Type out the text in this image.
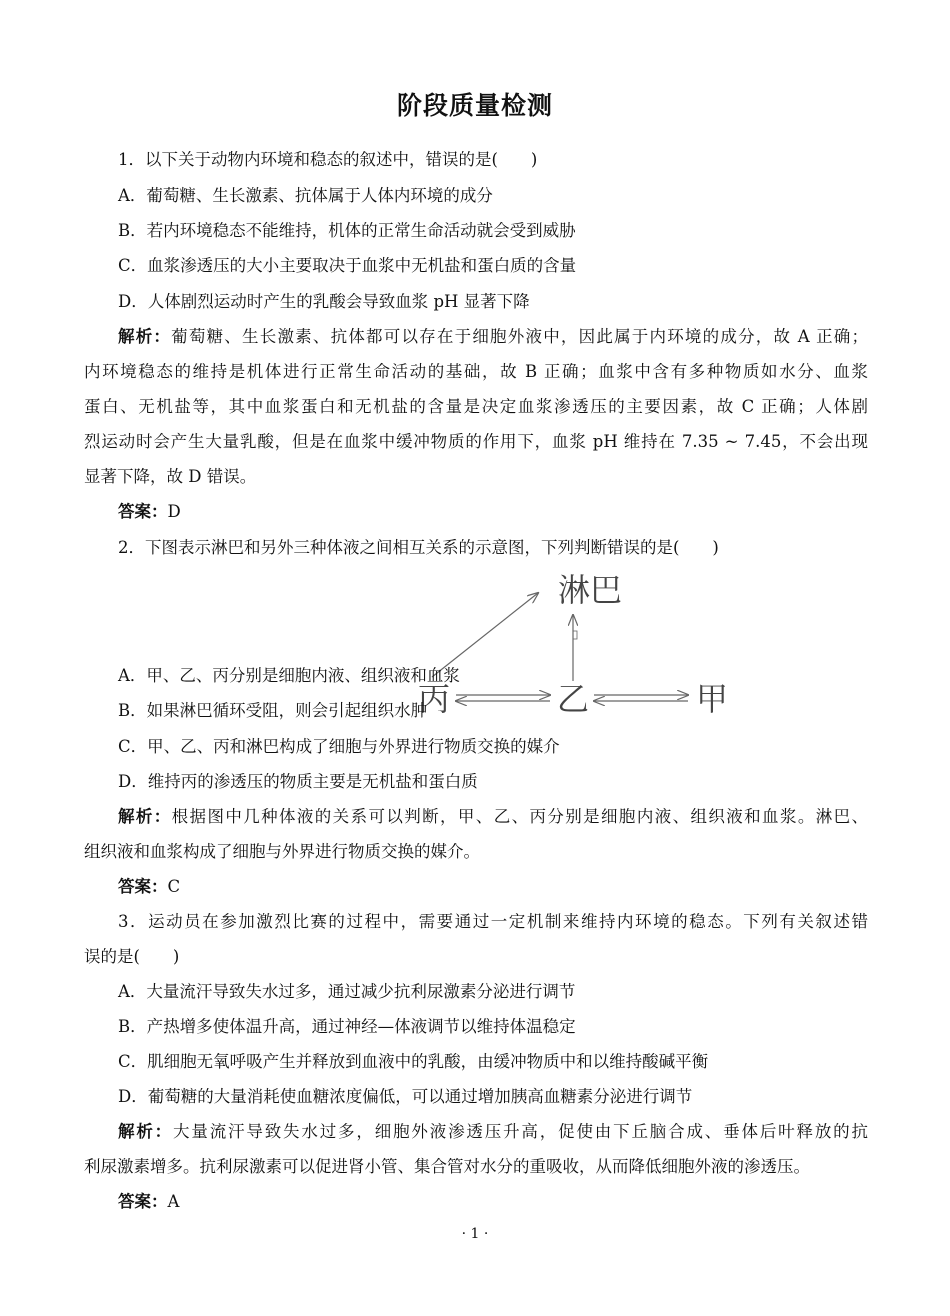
阶段质量检测
1．以下关于动物内环境和稳态的叙述中，错误的是(　　)
A．葡萄糖、生长激素、抗体属于人体内环境的成分
B．若内环境稳态不能维持，机体的正常生命活动就会受到威胁
C．血浆渗透压的大小主要取决于血浆中无机盐和蛋白质的含量
D．人体剧烈运动时产生的乳酸会导致血浆 pH 显著下降
解析：葡萄糖、生长激素、抗体都可以存在于细胞外液中，因此属于内环境的成分，故 A 正确；
内环境稳态的维持是机体进行正常生命活动的基础，故 B 正确；血浆中含有多种物质如水分、血浆
蛋白、无机盐等，其中血浆蛋白和无机盐的含量是决定血浆渗透压的主要因素，故 C 正确；人体剧
烈运动时会产生大量乳酸，但是在血浆中缓冲物质的作用下，血浆 pH 维持在 7.35 ~ 7.45，不会出现
显著下降，故 D 错误。
答案：D
2．下图表示淋巴和另外三种体液之间相互关系的示意图，下列判断错误的是(　　)
淋巴
丙	乙	甲
A．甲、乙、丙分别是细胞内液、组织液和血浆
B．如果淋巴循环受阻，则会引起组织水肿
C．甲、乙、丙和淋巴构成了细胞与外界进行物质交换的媒介
D．维持丙的渗透压的物质主要是无机盐和蛋白质
解析：根据图中几种体液的关系可以判断，甲、乙、丙分别是细胞内液、组织液和血浆。淋巴、
组织液和血浆构成了细胞与外界进行物质交换的媒介。
答案：C
3．运动员在参加激烈比赛的过程中，需要通过一定机制来维持内环境的稳态。下列有关叙述错
误的是(　　)
A．大量流汗导致失水过多，通过减少抗利尿激素分泌进行调节
B．产热增多使体温升高，通过神经—体液调节以维持体温稳定
C．肌细胞无氧呼吸产生并释放到血液中的乳酸，由缓冲物质中和以维持酸碱平衡
D．葡萄糖的大量消耗使血糖浓度偏低，可以通过增加胰高血糖素分泌进行调节
解析：大量流汗导致失水过多，细胞外液渗透压升高，促使由下丘脑合成、垂体后叶释放的抗
利尿激素增多。抗利尿激素可以促进肾小管、集合管对水分的重吸收，从而降低细胞外液的渗透压。
答案：A
· 1 ·
